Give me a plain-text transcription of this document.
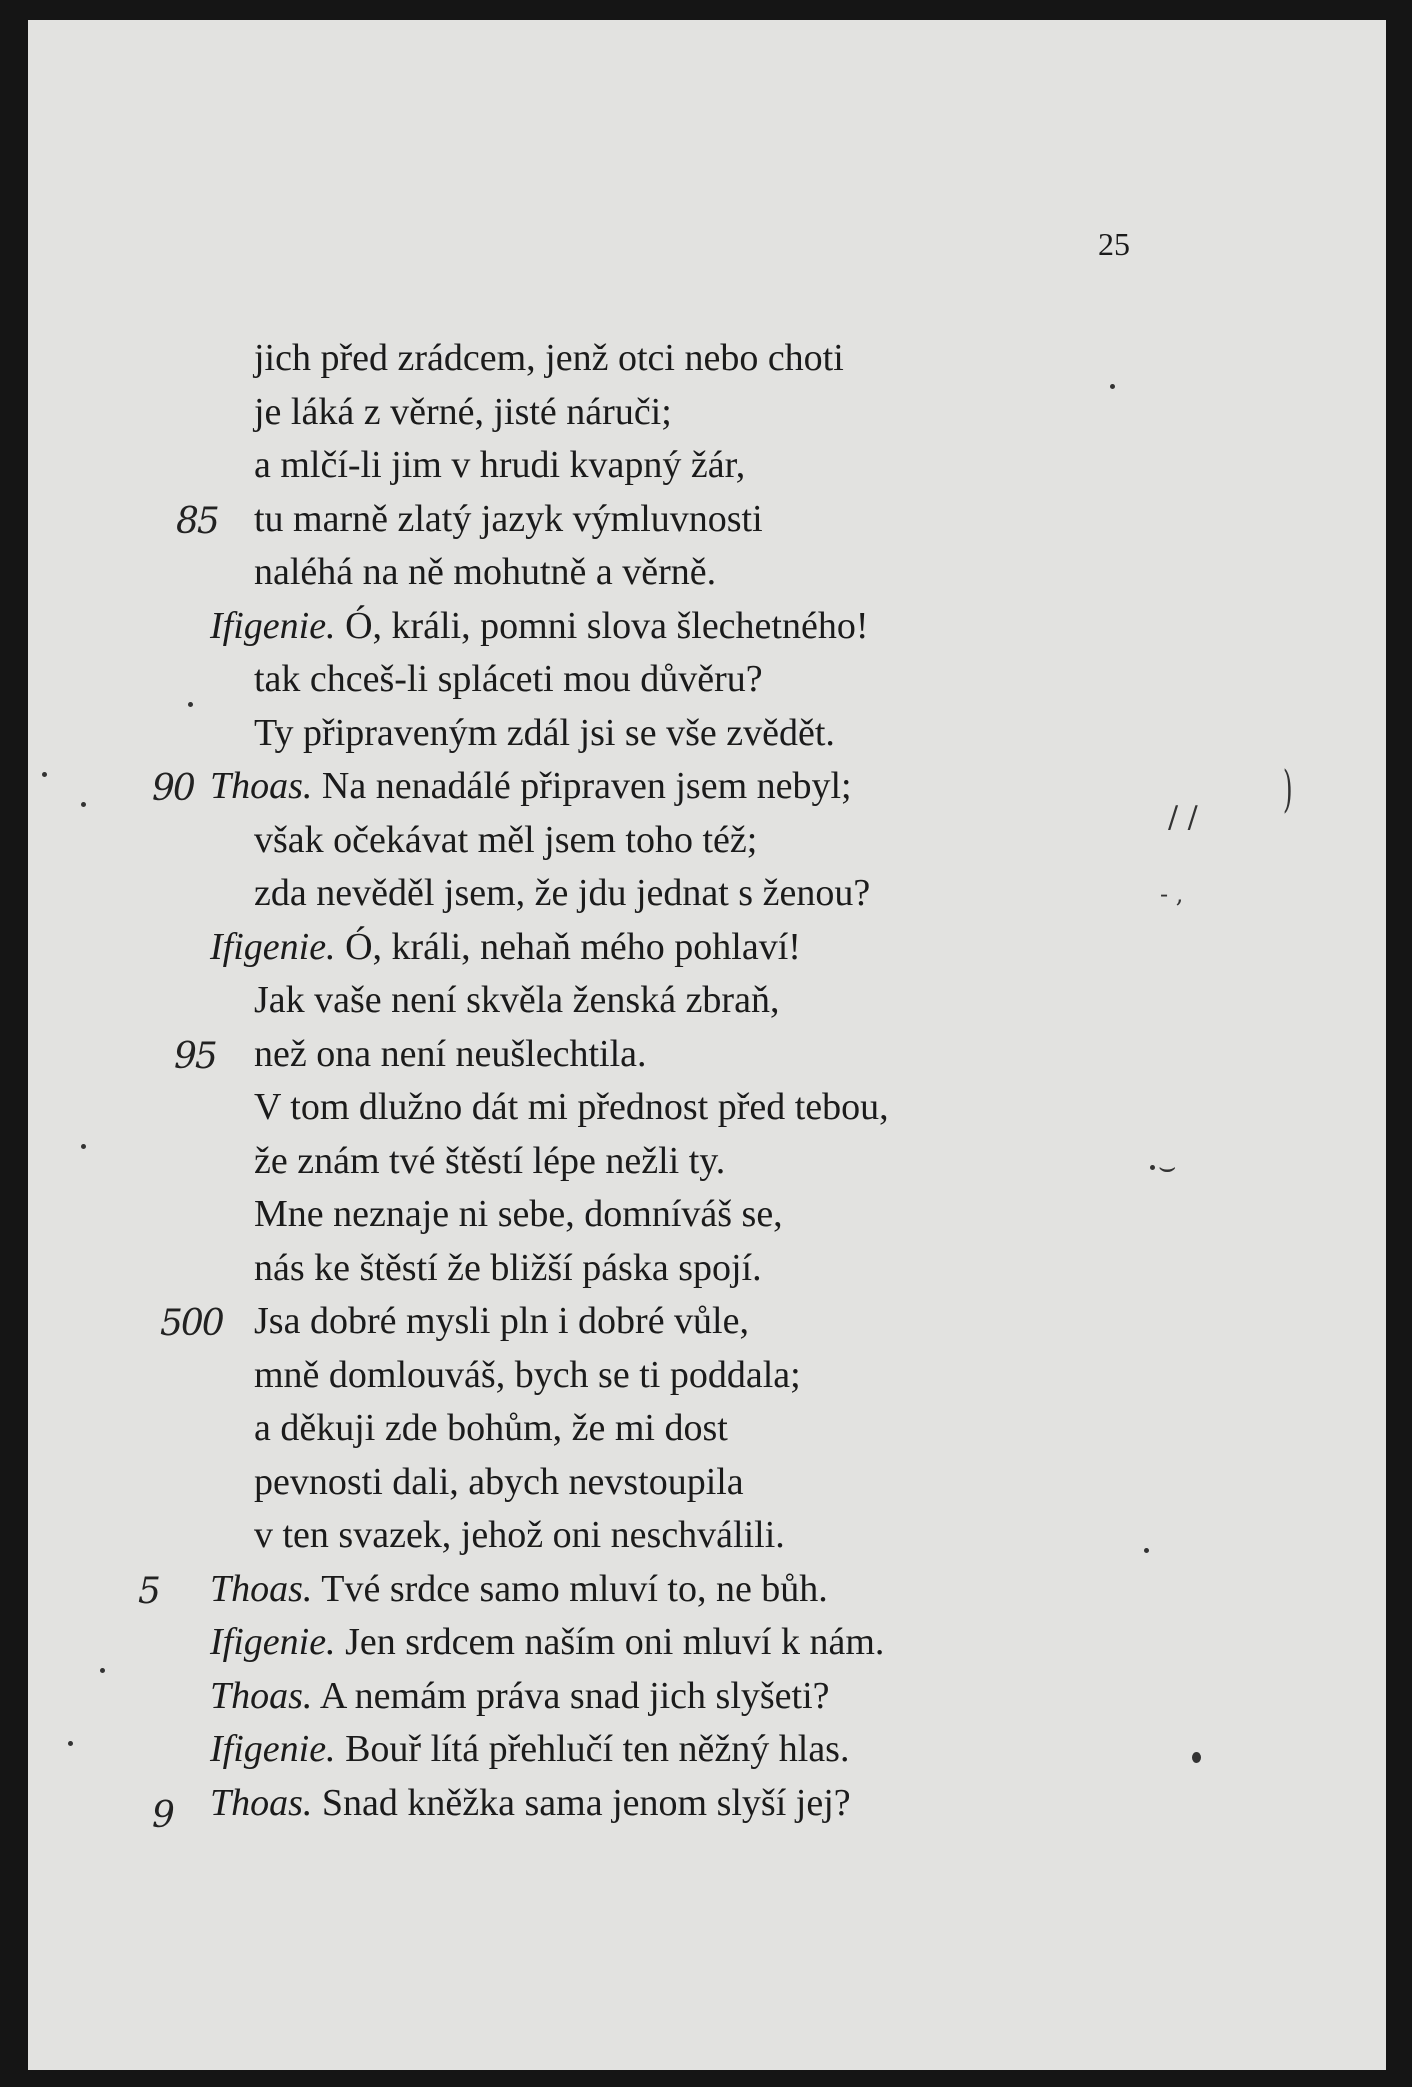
25
jich před zrádcem, jenž otci nebo choti
je láká z věrné, jisté náruči;
a mlčí-li jim v hrudi kvapný žár,
85 tu marně zlatý jazyk výmluvnosti
naléhá na ně mohutně a věrně.
Ifigenie. Ó, králi, pomni slova šlechetného!
tak chceš-li spláceti mou důvěru?
Ty připraveným zdál jsi se vše zvědět.
90 Thoas. Na nenadálé připraven jsem nebyl;
však očekávat měl jsem toho též;
zda nevěděl jsem, že jdu jednat s ženou?
Ifigenie. Ó, králi, nehaň mého pohlaví!
Jak vaše není skvěla ženská zbraň,
95 než ona není neušlechtila.
V tom dlužno dát mi přednost před tebou,
že znám tvé štěstí lépe nežli ty.
Mne neznaje ni sebe, domníváš se,
nás ke štěstí že bližší páska spojí.
500 Jsa dobré mysli pln i dobré vůle,
mně domlouváš, bych se ti poddala;
a děkuji zde bohům, že mi dost
pevnosti dali, abych nevstoupila
v ten svazek, jehož oni neschválili.
5 Thoas. Tvé srdce samo mluví to, ne bůh.
Ifigenie. Jen srdcem naším oni mluví k nám.
Thoas. A nemám práva snad jich slyšeti?
Ifigenie. Bouř lítá přehlučí ten něžný hlas.
9 Thoas. Snad kněžka sama jenom slyší jej?
/ / )
⌣
- ,
